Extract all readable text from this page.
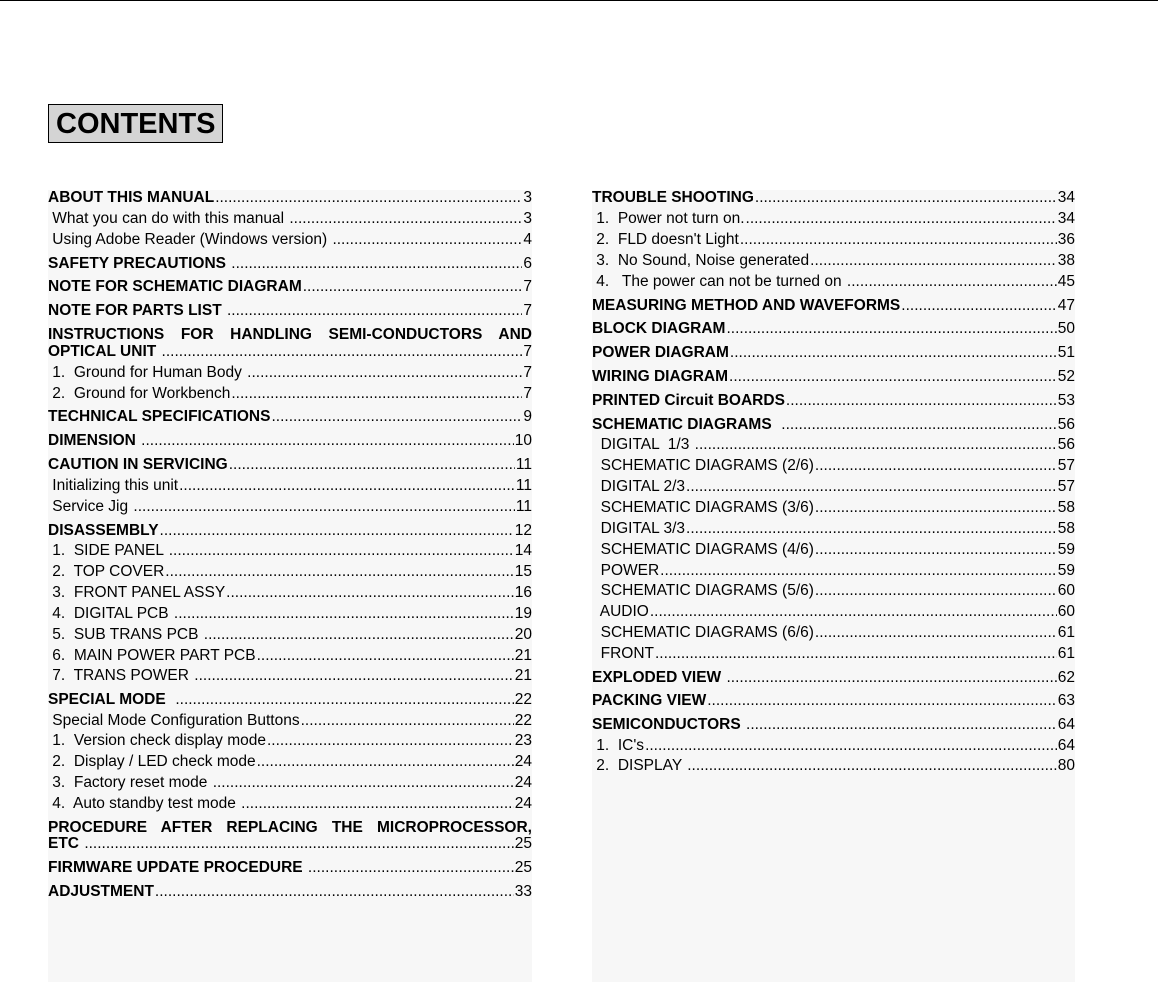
CONTENTS
ABOUT THIS MANUAL .....	3
What you can do with this manual .....	3
Using Adobe Reader (Windows version) .....	4
SAFETY PRECAUTIONS .....	6
NOTE FOR SCHEMATIC DIAGRAM .....	7
NOTE FOR PARTS LIST .....	7
INSTRUCTIONS FOR HANDLING SEMI-CONDUCTORS AND
OPTICAL UNIT .....	7
1.  Ground for Human Body .....	7
2.  Ground for Workbench .....	7
TECHNICAL SPECIFICATIONS .....	9
DIMENSION .....	10
CAUTION IN SERVICING .....	11
Initializing this unit .....	11
Service Jig .....	11
DISASSEMBLY .....	12
1.  SIDE PANEL .....	14
2.  TOP COVER .....	15
3.  FRONT PANEL ASSY .....	16
4.  DIGITAL PCB .....	19
5.  SUB TRANS PCB .....	20
6.  MAIN POWER PART PCB .....	21
7.  TRANS POWER .....	21
SPECIAL MODE .....	22
Special Mode Configuration Buttons .....	22
1.  Version check display mode .....	23
2.  Display / LED check mode .....	24
3.  Factory reset mode .....	24
4.  Auto standby test mode .....	24
PROCEDURE AFTER REPLACING THE MICROPROCESSOR,
ETC .....	25
FIRMWARE UPDATE PROCEDURE .....	25
ADJUSTMENT .....	33
TROUBLE SHOOTING .....	34
1.  Power not turn on. .....	34
2.  FLD doesn't Light .....	36
3.  No Sound, Noise generated .....	38
4.   The power can not be turned on .....	45
MEASURING METHOD AND WAVEFORMS .....	47
BLOCK DIAGRAM .....	50
POWER DIAGRAM .....	51
WIRING DIAGRAM .....	52
PRINTED Circuit BOARDS .....	53
SCHEMATIC DIAGRAMS .....	56
DIGITAL  1/3 .....	56
SCHEMATIC DIAGRAMS (2/6) .....	57
DIGITAL 2/3 .....	57
SCHEMATIC DIAGRAMS (3/6) .....	58
DIGITAL 3/3 .....	58
SCHEMATIC DIAGRAMS (4/6) .....	59
POWER .....	59
SCHEMATIC DIAGRAMS (5/6) .....	60
AUDIO .....	60
SCHEMATIC DIAGRAMS (6/6) .....	61
FRONT .....	61
EXPLODED VIEW .....	62
PACKING VIEW .....	63
SEMICONDUCTORS .....	64
1.  IC's .....	64
2.  DISPLAY .....	80
